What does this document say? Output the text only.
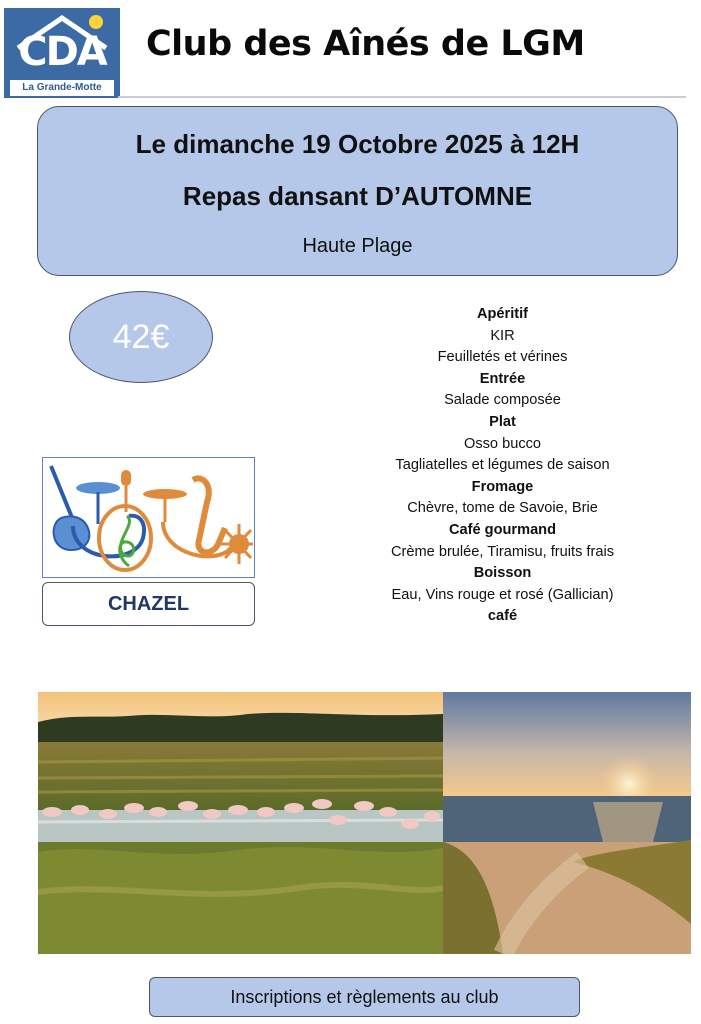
CDA
La Grande-Motte
Club des Aînés de LGM
Le dimanche 19 Octobre 2025 à 12H
Repas dansant D’AUTOMNE
Haute Plage
42€
CHAZEL
Apéritif
KIR
Feuilletés et vérines
Entrée
Salade composée
Plat
Osso bucco
Tagliatelles et légumes de saison
Fromage
Chèvre, tome de Savoie, Brie
Café gourmand
Crème brulée, Tiramisu, fruits frais
Boisson
Eau, Vins rouge et rosé (Gallician)
café
Inscriptions et règlements au club
